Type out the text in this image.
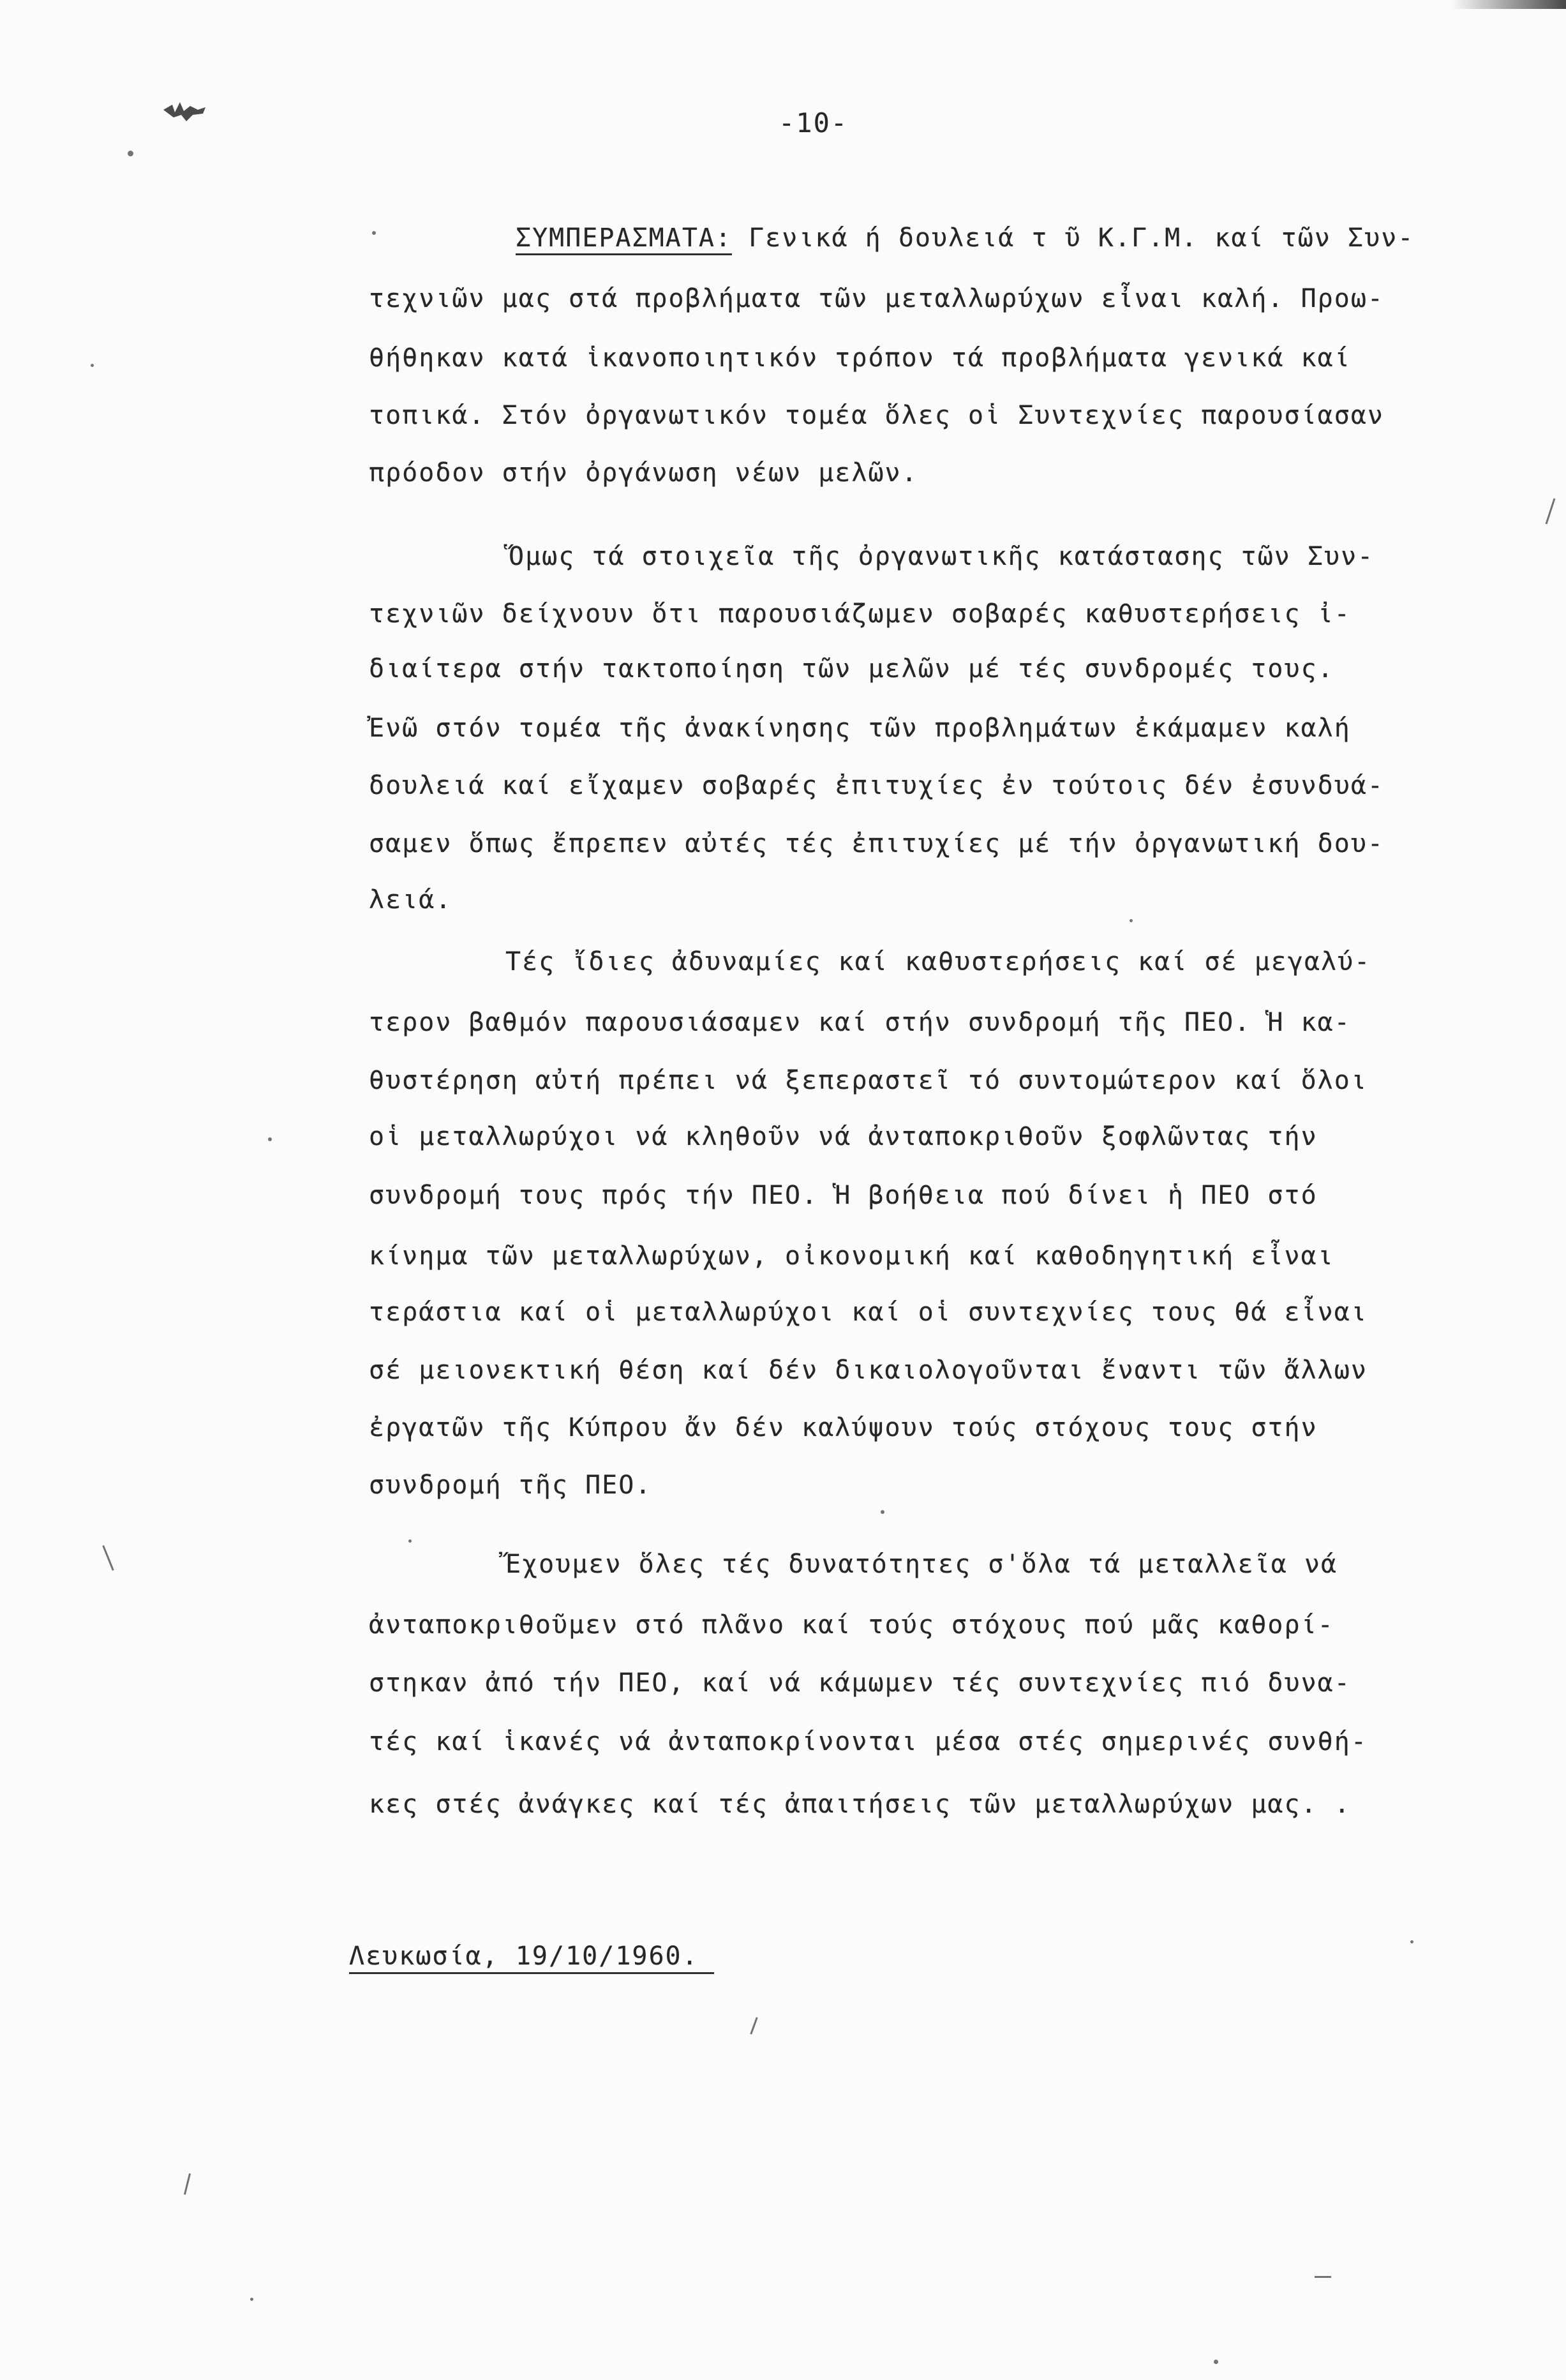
-10-
ΣΥΜΠΕΡΑΣΜΑΤΑ: Γενικά ή δουλειά τ ῦ Κ.Γ.Μ. καί τῶν Συν-
τεχνιῶν μας στά προβλήματα τῶν μεταλλωρύχων εἶναι καλή. Προω-
θήθηκαν κατά ἱκανοποιητικόν τρόπον τά προβλήματα γενικά καί
τοπικά. Στόν ὀργανωτικόν τομέα ὅλες οἱ Συντεχνίες παρουσίασαν
πρόοδον στήν ὀργάνωση νέων μελῶν.
Ὅμως τά στοιχεῖα τῆς ὀργανωτικῆς κατάστασης τῶν Συν-
τεχνιῶν δείχνουν ὅτι παρουσιάζωμεν σοβαρές καθυστερήσεις ἰ-
διαίτερα στήν τακτοποίηση τῶν μελῶν μέ τές συνδρομές τους.
Ἐνῶ στόν τομέα τῆς ἀνακίνησης τῶν προβλημάτων ἐκάμαμεν καλή
δουλειά καί εἴχαμεν σοβαρές ἐπιτυχίες ἐν τούτοις δέν ἐσυνδυά-
σαμεν ὅπως ἔπρεπεν αὐτές τές ἐπιτυχίες μέ τήν ὀργανωτική δου-
λειά.
Τές ἴδιες ἀδυναμίες καί καθυστερήσεις καί σέ μεγαλύ-
τερον βαθμόν παρουσιάσαμεν καί στήν συνδρομή τῆς ΠΕΟ. Ἡ κα-
θυστέρηση αὐτή πρέπει νά ξεπεραστεῖ τό συντομώτερον καί ὅλοι
οἱ μεταλλωρύχοι νά κληθοῦν νά ἀνταποκριθοῦν ξοφλῶντας τήν
συνδρομή τους πρός τήν ΠΕΟ. Ἡ βοήθεια πού δίνει ἡ ΠΕΟ στό
κίνημα τῶν μεταλλωρύχων, οἰκονομική καί καθοδηγητική εἶναι
τεράστια καί οἱ μεταλλωρύχοι καί οἱ συντεχνίες τους θά εἶναι
σέ μειονεκτική θέση καί δέν δικαιολογοῦνται ἔναντι τῶν ἄλλων
ἐργατῶν τῆς Κύπρου ἄν δέν καλύψουν τούς στόχους τους στήν
συνδρομή τῆς ΠΕΟ.
Ἔχουμεν ὅλες τές δυνατότητες σ'ὅλα τά μεταλλεῖα νά
ἀνταποκριθοῦμεν στό πλᾶνο καί τούς στόχους πού μᾶς καθορί-
στηκαν ἀπό τήν ΠΕΟ, καί νά κάμωμεν τές συντεχνίες πιό δυνα-
τές καί ἱκανές νά ἀνταποκρίνονται μέσα στές σημερινές συνθή-
κες στές ἀνάγκες καί τές ἀπαιτήσεις τῶν μεταλλωρύχων μας. .
Λευκωσία, 19/10/1960.
